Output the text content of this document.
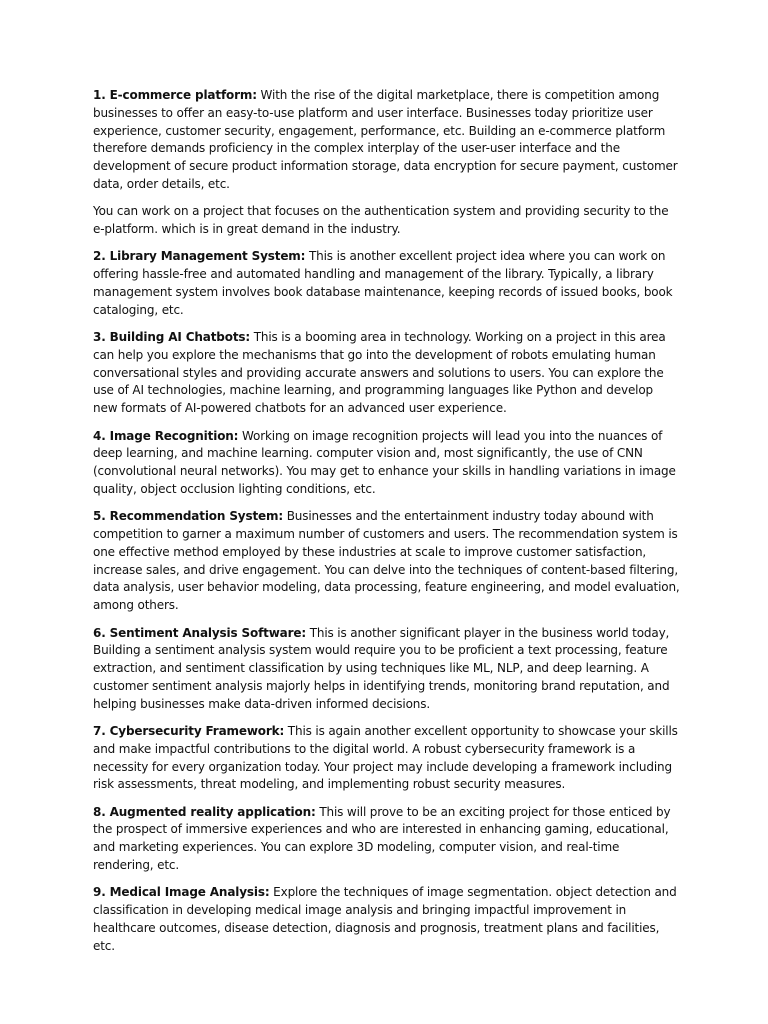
1. E-commerce platform: With the rise of the digital marketplace, there is competition among businesses to offer an easy-to-use platform and user interface. Businesses today prioritize user experience, customer security, engagement, performance, etc. Building an e-commerce platform therefore demands proficiency in the complex interplay of the user-user interface and the development of secure product information storage, data encryption for secure payment, customer data, order details, etc.

You can work on a project that focuses on the authentication system and providing security to the e-platform. which is in great demand in the industry.

2. Library Management System: This is another excellent project idea where you can work on offering hassle-free and automated handling and management of the library. Typically, a library management system involves book database maintenance, keeping records of issued books, book cataloging, etc.

3. Building AI Chatbots: This is a booming area in technology. Working on a project in this area can help you explore the mechanisms that go into the development of robots emulating human conversational styles and providing accurate answers and solutions to users. You can explore the use of AI technologies, machine learning, and programming languages like Python and develop new formats of AI-powered chatbots for an advanced user experience.

4. Image Recognition: Working on image recognition projects will lead you into the nuances of deep learning, and machine learning. computer vision and, most significantly, the use of CNN (convolutional neural networks). You may get to enhance your skills in handling variations in image quality, object occlusion lighting conditions, etc.

5. Recommendation System: Businesses and the entertainment industry today abound with competition to garner a maximum number of customers and users. The recommendation system is one effective method employed by these industries at scale to improve customer satisfaction, increase sales, and drive engagement. You can delve into the techniques of content-based filtering, data analysis, user behavior modeling, data processing, feature engineering, and model evaluation, among others.

6. Sentiment Analysis Software: This is another significant player in the business world today, Building a sentiment analysis system would require you to be proficient a text processing, feature extraction, and sentiment classification by using techniques like ML, NLP, and deep learning. A customer sentiment analysis majorly helps in identifying trends, monitoring brand reputation, and helping businesses make data-driven informed decisions.

7. Cybersecurity Framework: This is again another excellent opportunity to showcase your skills and make impactful contributions to the digital world. A robust cybersecurity framework is a necessity for every organization today. Your project may include developing a framework including risk assessments, threat modeling, and implementing robust security measures.

8. Augmented reality application: This will prove to be an exciting project for those enticed by the prospect of immersive experiences and who are interested in enhancing gaming, educational, and marketing experiences. You can explore 3D modeling, computer vision, and real-time rendering, etc.

9. Medical Image Analysis: Explore the techniques of image segmentation. object detection and classification in developing medical image analysis and bringing impactful improvement in healthcare outcomes, disease detection, diagnosis and prognosis, treatment plans and facilities, etc.
